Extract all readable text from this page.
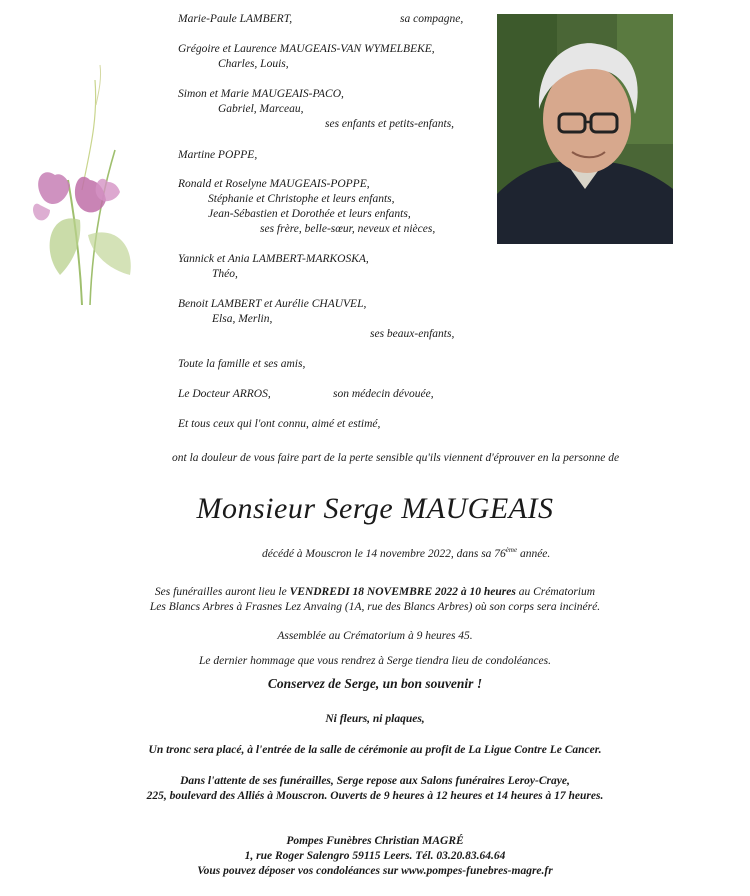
Marie-Paule LAMBERT,	sa compagne,
Grégoire et Laurence MAUGEAIS-VAN WYMELBEKE,
Charles, Louis,
Simon et Marie MAUGEAIS-PACO,
Gabriel, Marceau,
ses enfants et petits-enfants,
Martine POPPE,
Ronald et Roselyne MAUGEAIS-POPPE,
Stéphanie et Christophe et leurs enfants,
Jean-Sébastien et Dorothée et leurs enfants,
ses frère, belle-sœur, neveux et nièces,
Yannick et Ania LAMBERT-MARKOSKA,
Théo,
Benoit LAMBERT et Aurélie CHAUVEL,
Elsa, Merlin,
ses beaux-enfants,
Toute la famille et ses amis,
Le Docteur ARROS,	son médecin dévouée,
Et tous ceux qui l'ont connu, aimé et estimé,
ont la douleur de vous faire part de la perte sensible qu'ils viennent d'éprouver en la personne de
Monsieur Serge MAUGEAIS
décédé à Mouscron le 14 novembre 2022, dans sa 76ème année.
Ses funérailles auront lieu le VENDREDI 18 NOVEMBRE 2022 à 10 heures au Crématorium
Les Blancs Arbres à Frasnes Lez Anvaing (1A, rue des Blancs Arbres) où son corps sera incinéré.
Assemblée au Crématorium à 9 heures 45.
Le dernier hommage que vous rendrez à Serge tiendra lieu de condoléances.
Conservez de Serge, un bon souvenir !
Ni fleurs, ni plaques,
Un tronc sera placé, à l'entrée de la salle de cérémonie au profit de La Ligue Contre Le Cancer.
Dans l'attente de ses funérailles, Serge repose aux Salons funéraires Leroy-Craye,
225, boulevard des Alliés à Mouscron. Ouverts de 9 heures à 12 heures et 14 heures à 17 heures.
Pompes Funèbres Christian MAGRÉ
1, rue Roger Salengro 59115 Leers. Tél. 03.20.83.64.64
Vous pouvez déposer vos condoléances sur www.pompes-funebres-magre.fr
